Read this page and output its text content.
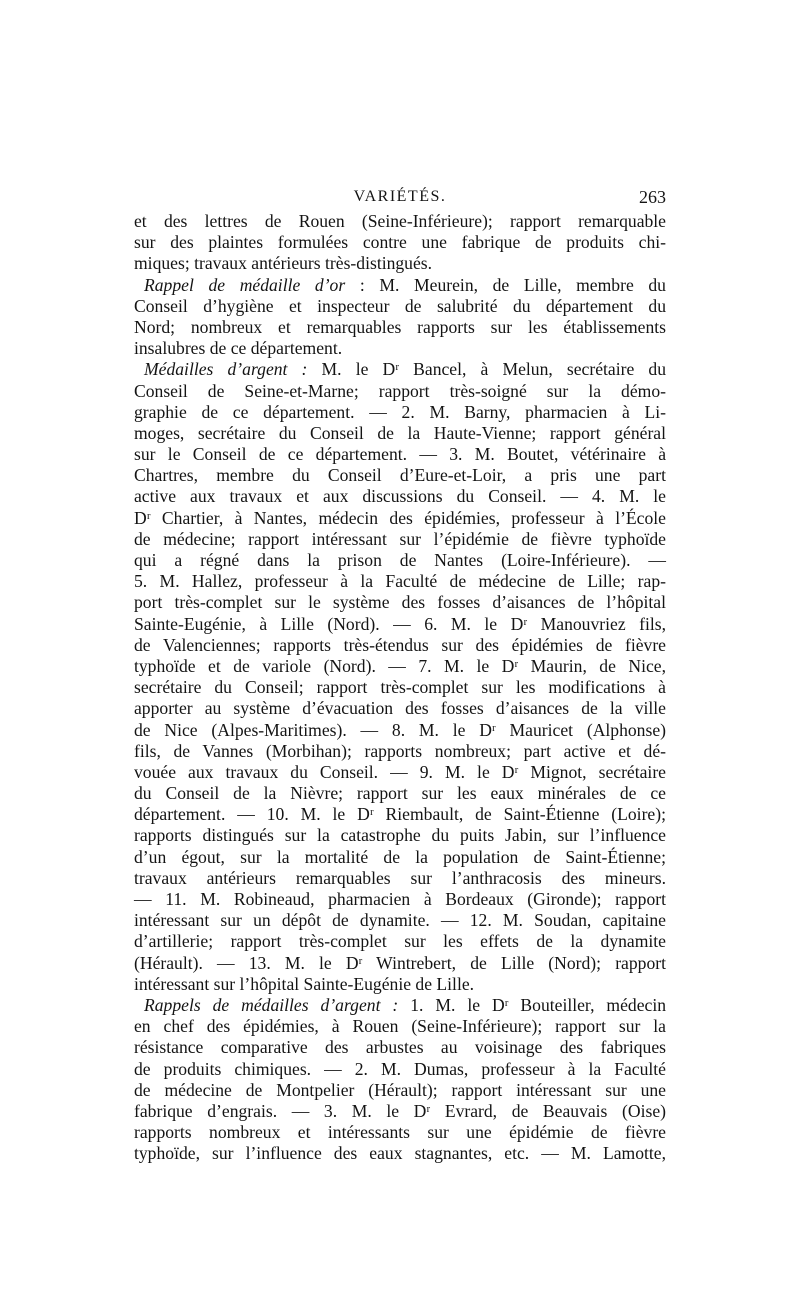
VARIÉTÉS.	263
et des lettres de Rouen (Seine-Inférieure); rapport remarquable
sur des plaintes formulées contre une fabrique de produits chi-
miques; travaux antérieurs très-distingués.
Rappel de médaille d’or : M. Meurein, de Lille, membre du
Conseil d’hygiène et inspecteur de salubrité du département du
Nord; nombreux et remarquables rapports sur les établissements
insalubres de ce département.
Médailles d’argent : M. le Dʳ Bancel, à Melun, secrétaire du
Conseil de Seine-et-Marne; rapport très-soigné sur la démo-
graphie de ce département. — 2. M. Barny, pharmacien à Li-
moges, secrétaire du Conseil de la Haute-Vienne; rapport général
sur le Conseil de ce département. — 3. M. Boutet, vétérinaire à
Chartres, membre du Conseil d’Eure-et-Loir, a pris une part
active aux travaux et aux discussions du Conseil. — 4. M. le
Dʳ Chartier, à Nantes, médecin des épidémies, professeur à l’École
de médecine; rapport intéressant sur l’épidémie de fièvre typhoïde
qui a régné dans la prison de Nantes (Loire-Inférieure). —
5. M. Hallez, professeur à la Faculté de médecine de Lille; rap-
port très-complet sur le système des fosses d’aisances de l’hôpital
Sainte-Eugénie, à Lille (Nord). — 6. M. le Dʳ Manouvriez fils,
de Valenciennes; rapports très-étendus sur des épidémies de fièvre
typhoïde et de variole (Nord). — 7. M. le Dʳ Maurin, de Nice,
secrétaire du Conseil; rapport très-complet sur les modifications à
apporter au système d’évacuation des fosses d’aisances de la ville
de Nice (Alpes-Maritimes). — 8. M. le Dʳ Mauricet (Alphonse)
fils, de Vannes (Morbihan); rapports nombreux; part active et dé-
vouée aux travaux du Conseil. — 9. M. le Dʳ Mignot, secrétaire
du Conseil de la Nièvre; rapport sur les eaux minérales de ce
département. — 10. M. le Dʳ Riembault, de Saint-Étienne (Loire);
rapports distingués sur la catastrophe du puits Jabin, sur l’influence
d’un égout, sur la mortalité de la population de Saint-Étienne;
travaux antérieurs remarquables sur l’anthracosis des mineurs.
— 11. M. Robineaud, pharmacien à Bordeaux (Gironde); rapport
intéressant sur un dépôt de dynamite. — 12. M. Soudan, capitaine
d’artillerie; rapport très-complet sur les effets de la dynamite
(Hérault). — 13. M. le Dʳ Wintrebert, de Lille (Nord); rapport
intéressant sur l’hôpital Sainte-Eugénie de Lille.
Rappels de médailles d’argent : 1. M. le Dʳ Bouteiller, médecin
en chef des épidémies, à Rouen (Seine-Inférieure); rapport sur la
résistance comparative des arbustes au voisinage des fabriques
de produits chimiques. — 2. M. Dumas, professeur à la Faculté
de médecine de Montpelier (Hérault); rapport intéressant sur une
fabrique d’engrais. — 3. M. le Dʳ Evrard, de Beauvais (Oise)
rapports nombreux et intéressants sur une épidémie de fièvre
typhoïde, sur l’influence des eaux stagnantes, etc. — M. Lamotte,
